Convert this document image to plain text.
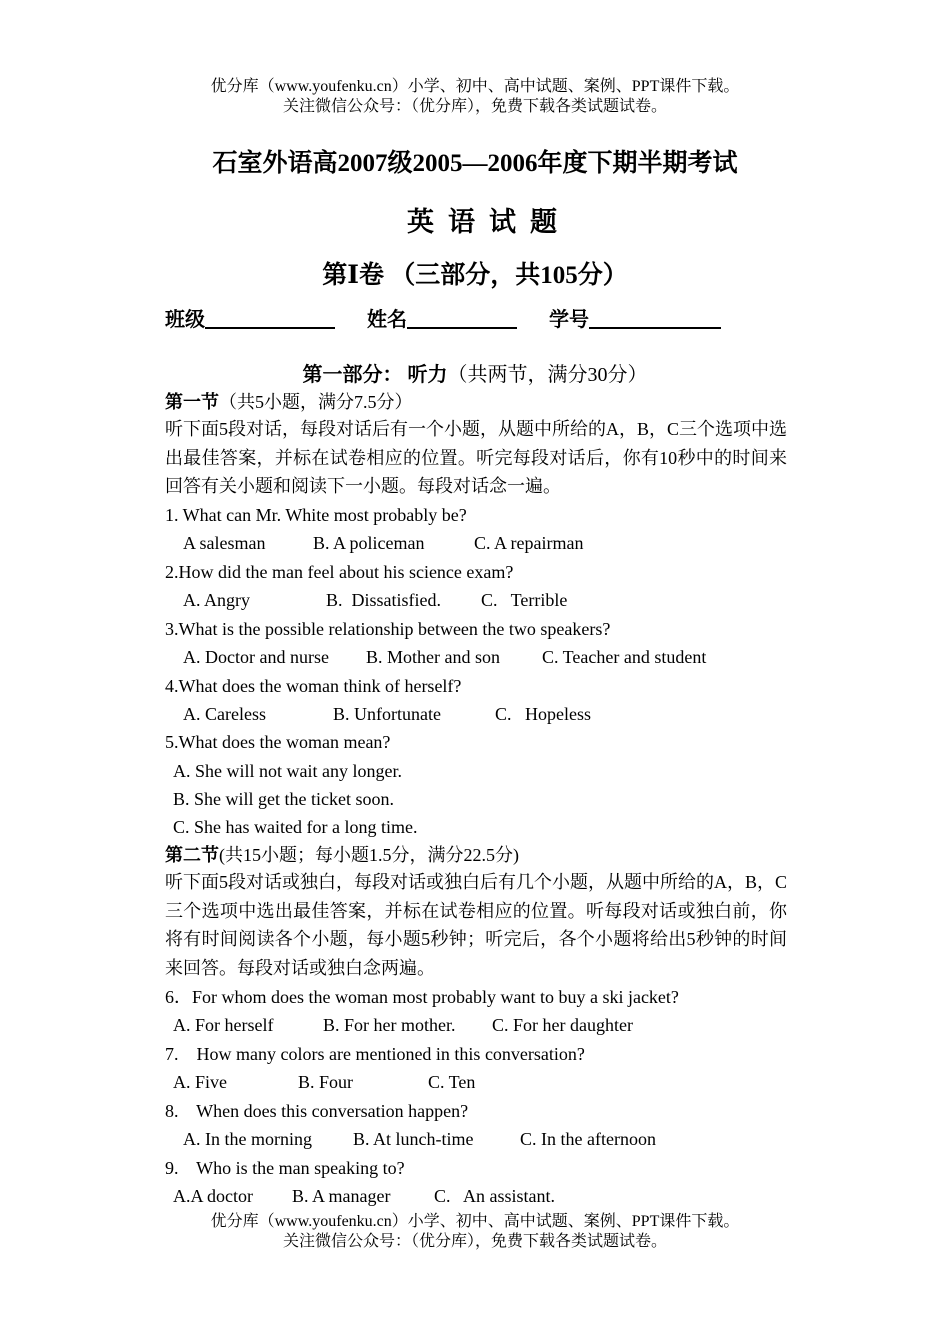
优分库（www.youfenku.cn）小学、初中、高中试题、案例、PPT课件下载。
关注微信公众号：（优分库），免费下载各类试题试卷。
石室外语高2007级2005—2006年度下期半期考试
英语试题
第Ⅰ卷 （三部分，共105分）
班级	姓名	学号
第一部分： 听力（共两节，满分30分）
第一节（共5小题，满分7.5分）
听下面5段对话，每段对话后有一个小题，从题中所给的A，B，C三个选项中选出最佳答案，并标在试卷相应的位置。听完每段对话后，你有10秒中的时间来回答有关小题和阅读下一小题。每段对话念一遍。
1. What can Mr. White most probably be?
A salesman	B. A policeman	C. A repairman
2.How did the man feel about his science exam?
A. Angry	B.  Dissatisfied. C.   Terrible
3.What is the possible relationship between the two speakers?
A. Doctor and nurse B. Mother and son C. Teacher and student
4.What does the woman think of herself?
A. Careless	B. Unfortunate	C.   Hopeless
5.What does the woman mean?
A. She will not wait any longer.
B. She will get the ticket soon.
C. She has waited for a long time.
第二节(共15小题；每小题1.5分，满分22.5分)
听下面5段对话或独白，每段对话或独白后有几个小题，从题中所给的A，B，C三个选项中选出最佳答案，并标在试卷相应的位置。听每段对话或独白前，你将有时间阅读各个小题，每小题5秒钟；听完后，各个小题将给出5秒钟的时间来回答。每段对话或独白念两遍。
6．For whom does the woman most probably want to buy a ski jacket?
A. For herself	B. For her mother. C. For her daughter
7.    How many colors are mentioned in this conversation?
A. Five	B. Four	C. Ten
8.    When does this conversation happen?
A. In the morning B. At lunch-time	C. In the afternoon
9.    Who is the man speaking to?
A.A doctor B. A manager C.   An assistant.
优分库（www.youfenku.cn）小学、初中、高中试题、案例、PPT课件下载。
关注微信公众号：（优分库），免费下载各类试题试卷。
